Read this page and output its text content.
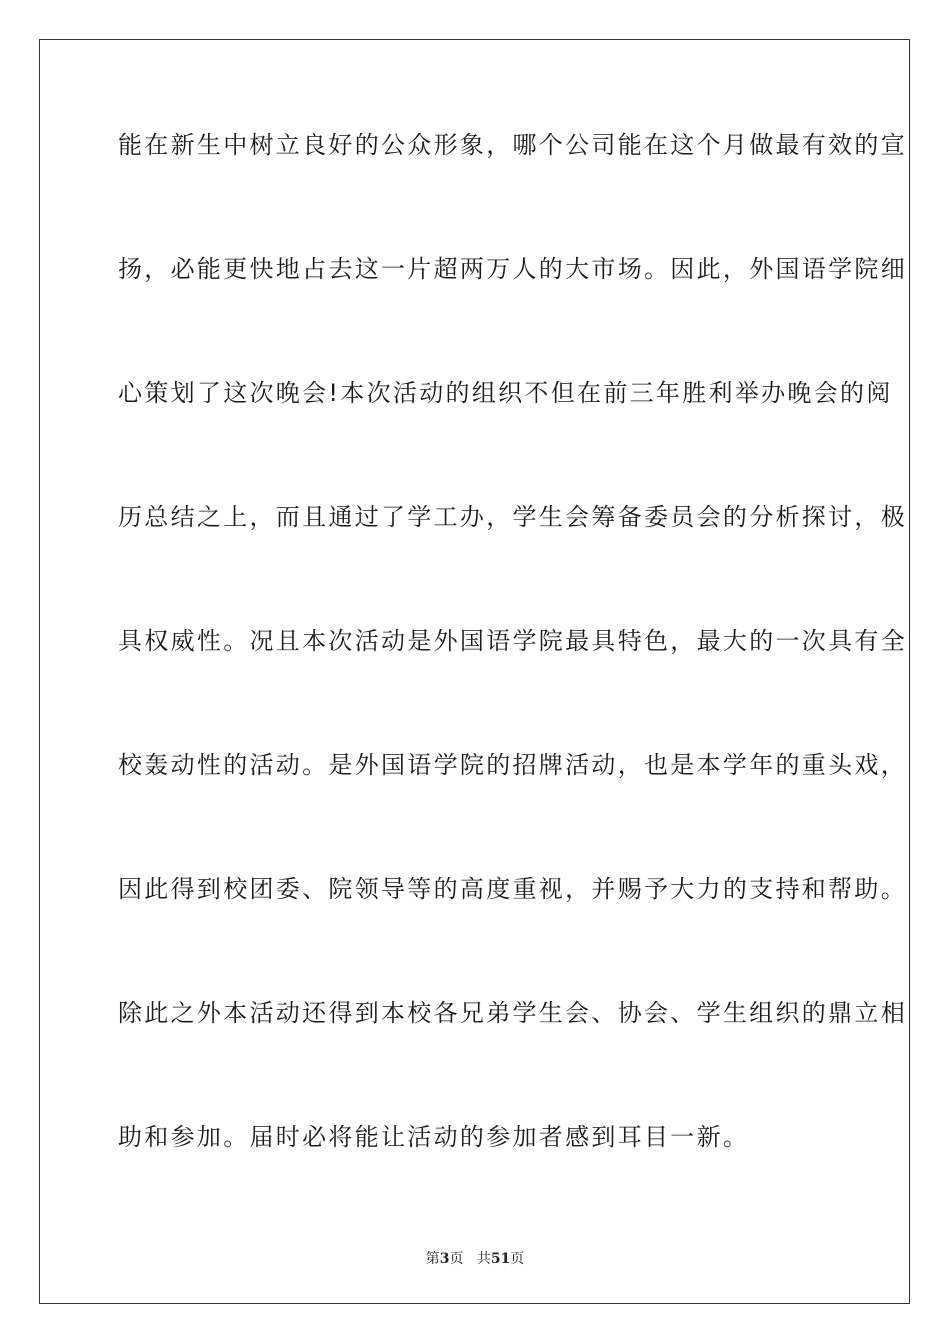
能在新生中树立良好的公众形象，哪个公司能在这个月做最有效的宣
扬，必能更快地占去这一片超两万人的大市场。因此，外国语学院细
心策划了这次晚会!本次活动的组织不但在前三年胜利举办晚会的阅
历总结之上，而且通过了学工办，学生会筹备委员会的分析探讨，极
具权威性。况且本次活动是外国语学院最具特色，最大的一次具有全
校轰动性的活动。是外国语学院的招牌活动，也是本学年的重头戏，
因此得到校团委、院领导等的高度重视，并赐予大力的支持和帮助。
除此之外本活动还得到本校各兄弟学生会、协会、学生组织的鼎立相
助和参加。届时必将能让活动的参加者感到耳目一新。
第3页 共51页
